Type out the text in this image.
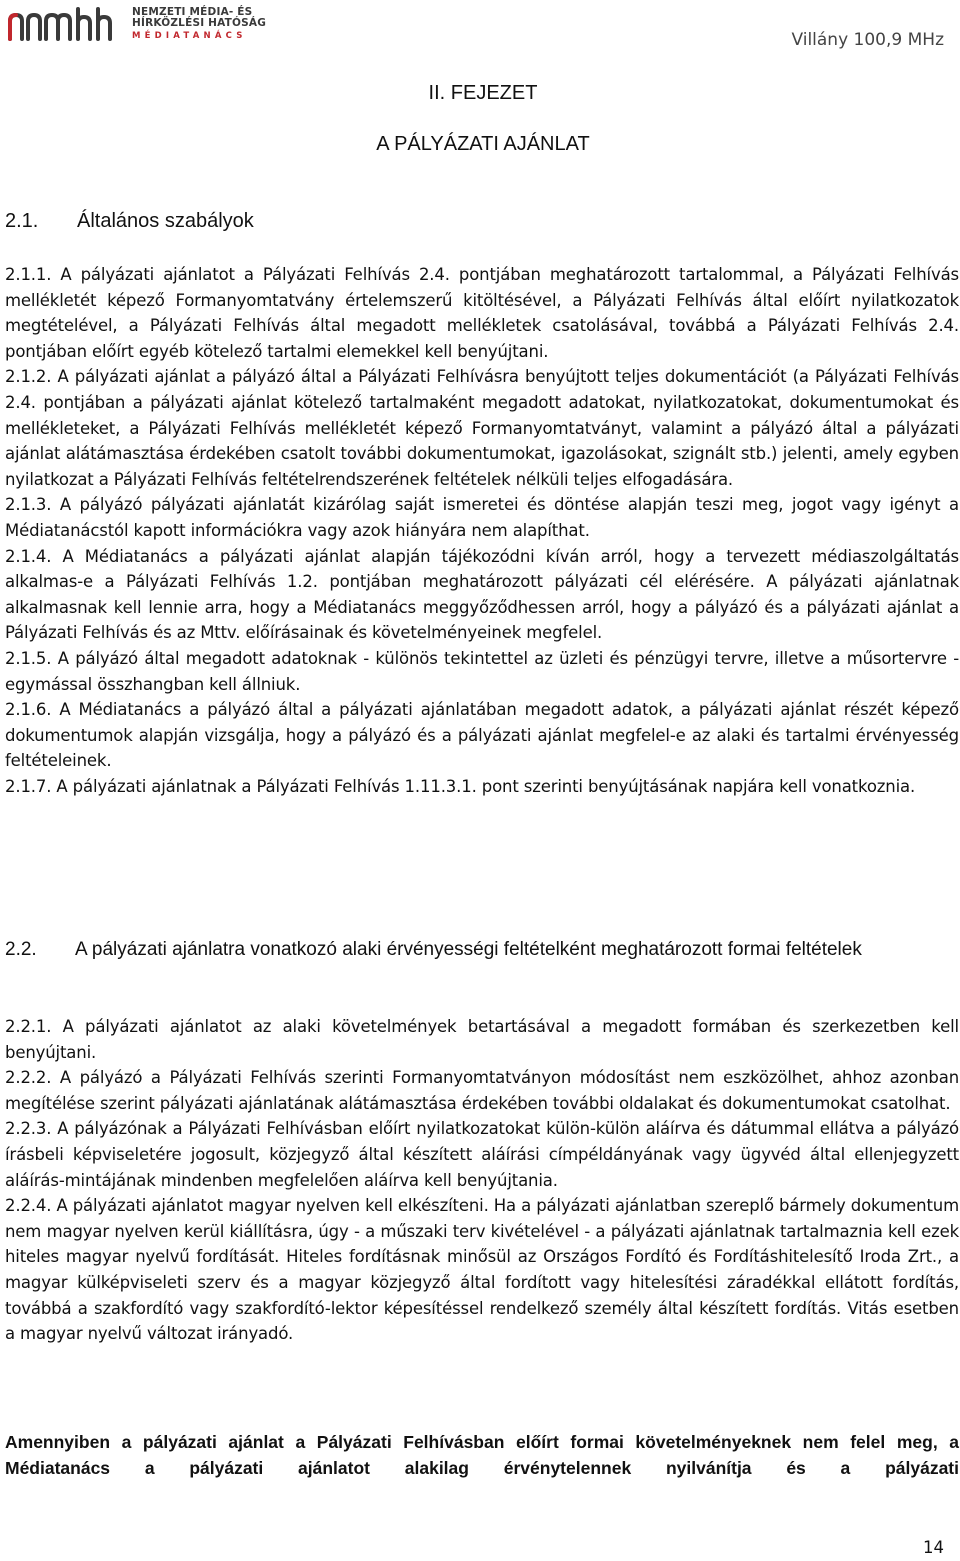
NEMZETI MÉDIA- ÉS
HÍRKÖZLÉSI HATÓSÁG
MÉDIATANÁCS	Villány 100,9 MHz
II. FEJEZET
A PÁLYÁZATI AJÁNLAT
2.1. Általános szabályok

2.1.1. A pályázati ajánlatot a Pályázati Felhívás 2.4. pontjában meghatározott tartalommal, a Pályázati Felhívás mellékletét képező Formanyomtatvány értelemszerű kitöltésével, a Pályázati Felhívás által előírt nyilatkozatok megtételével, a Pályázati Felhívás által megadott mellékletek csatolásával, továbbá a Pályázati Felhívás 2.4. pontjában előírt egyéb kötelező tartalmi elemekkel kell benyújtani.

2.1.2. A pályázati ajánlat a pályázó által a Pályázati Felhívásra benyújtott teljes dokumentációt (a Pályázati Felhívás 2.4. pontjában a pályázati ajánlat kötelező tartalmaként megadott adatokat, nyilatkozatokat, dokumentumokat és mellékleteket, a Pályázati Felhívás mellékletét képező Formanyomtatványt, valamint a pályázó által a pályázati ajánlat alátámasztása érdekében csatolt további dokumentumokat, igazolásokat, szignált stb.) jelenti, amely egyben nyilatkozat a Pályázati Felhívás feltételrendszerének feltételek nélküli teljes elfogadására.

2.1.3. A pályázó pályázati ajánlatát kizárólag saját ismeretei és döntése alapján teszi meg, jogot vagy igényt a Médiatanácstól kapott információkra vagy azok hiányára nem alapíthat.

2.1.4. A Médiatanács a pályázati ajánlat alapján tájékozódni kíván arról, hogy a tervezett médiaszolgáltatás alkalmas-e a Pályázati Felhívás 1.2. pontjában meghatározott pályázati cél elérésére. A pályázati ajánlatnak alkalmasnak kell lennie arra, hogy a Médiatanács meggyőződhessen arról, hogy a pályázó és a pályázati ajánlat a Pályázati Felhívás és az Mttv. előírásainak és követelményeinek megfelel.

2.1.5. A pályázó által megadott adatoknak - különös tekintettel az üzleti és pénzügyi tervre, illetve a műsortervre - egymással összhangban kell állniuk.

2.1.6. A Médiatanács a pályázó által a pályázati ajánlatában megadott adatok, a pályázati ajánlat részét képező dokumentumok alapján vizsgálja, hogy a pályázó és a pályázati ajánlat megfelel-e az alaki és tartalmi érvényesség feltételeinek.

2.1.7. A pályázati ajánlatnak a Pályázati Felhívás 1.11.3.1. pont szerinti benyújtásának napjára kell vonatkoznia.

2.2. A pályázati ajánlatra vonatkozó alaki érvényességi feltételként meghatározott formai feltételek

2.2.1. A pályázati ajánlatot az alaki követelmények betartásával a megadott formában és szerkezetben kell benyújtani.

2.2.2. A pályázó a Pályázati Felhívás szerinti Formanyomtatványon módosítást nem eszközölhet, ahhoz azonban megítélése szerint pályázati ajánlatának alátámasztása érdekében további oldalakat és dokumentumokat csatolhat.

2.2.3. A pályázónak a Pályázati Felhívásban előírt nyilatkozatokat külön-külön aláírva és dátummal ellátva a pályázó írásbeli képviseletére jogosult, közjegyző által készített aláírási címpéldányának vagy ügyvéd által ellenjegyzett aláírás-mintájának mindenben megfelelően aláírva kell benyújtania.

2.2.4. A pályázati ajánlatot magyar nyelven kell elkészíteni. Ha a pályázati ajánlatban szereplő bármely dokumentum nem magyar nyelven kerül kiállításra, úgy - a műszaki terv kivételével - a pályázati ajánlatnak tartalmaznia kell ezek hiteles magyar nyelvű fordítását. Hiteles fordításnak minősül az Országos Fordító és Fordításhitelesítő Iroda Zrt., a magyar külképviseleti szerv és a magyar közjegyző által fordított vagy hitelesítési záradékkal ellátott fordítás, továbbá a szakfordító vagy szakfordító-lektor képesítéssel rendelkező személy által készített fordítás. Vitás esetben a magyar nyelvű változat irányadó.

Amennyiben a pályázati ajánlat a Pályázati Felhívásban előírt formai követelményeknek nem felel meg, a Médiatanács a pályázati ajánlatot alakilag érvénytelennek nyilvánítja és a pályázati
14
